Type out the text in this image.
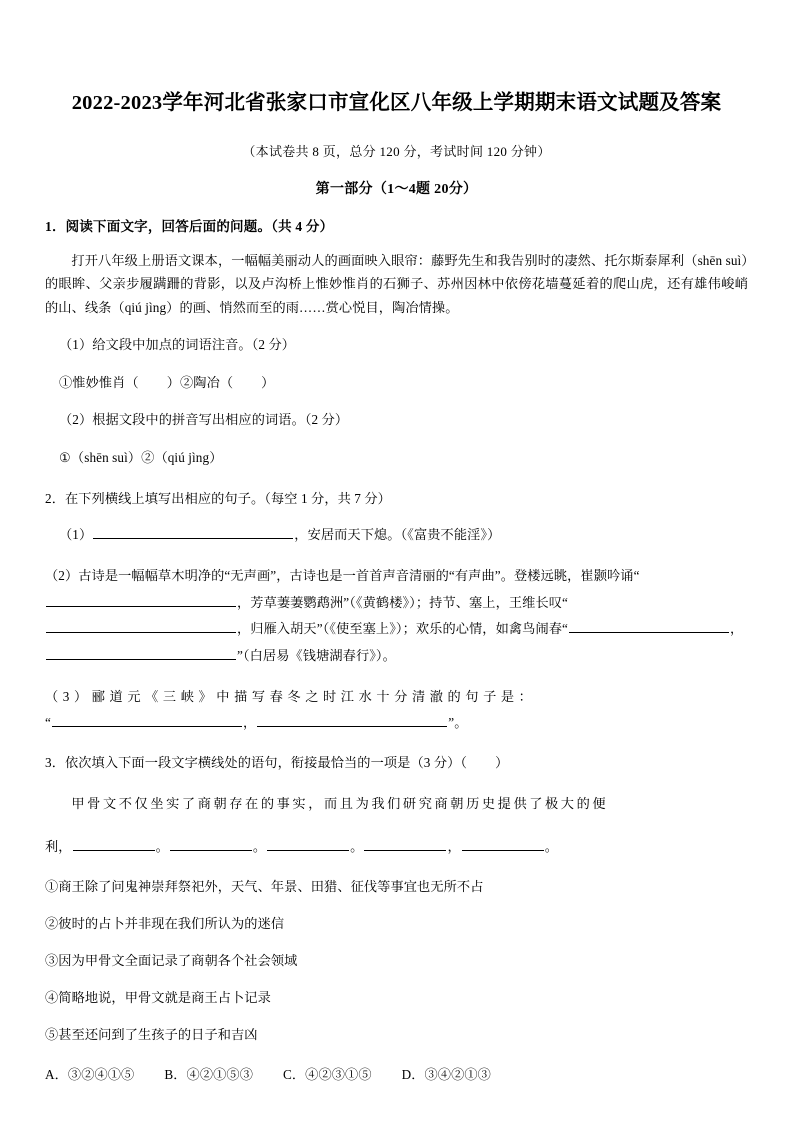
2022-2023学年河北省张家口市宣化区八年级上学期期末语文试题及答案

（本试卷共 8 页，总分 120 分，考试时间 120 分钟）

第一部分（1～4题 20分）

1．阅读下面文字，回答后面的问题。（共 4 分）

打开八年级上册语文课本，一幅幅美丽动人的画面映入眼帘：藤野先生和我告别时的凄然、托尔斯泰犀利（shēn suì）的眼眸、父亲步履蹒跚的背影，以及卢沟桥上惟妙惟肖的石狮子、苏州因林中依傍花墙蔓延着的爬山虎，还有雄伟峻峭的山、线条（qiú jìng）的画、悄然而至的雨……赏心悦目，陶冶情操。

（1）给文段中加点的词语注音。（2 分）

①惟妙惟肖（ ）②陶冶（ ）

（2）根据文段中的拼音写出相应的词语。（2 分）

①（shēn suì）②（qiú jìng）

2．在下列横线上填写出相应的句子。（每空 1 分，共 7 分）

（1）	，安居而天下熄。（《富贵不能淫》）

（2）古诗是一幅幅草木明净的“无声画”，古诗也是一首首声音清丽的“有声曲”。登楼远眺，崔颢吟诵“，芳草萋萋鹦鹉洲”（《黄鹤楼》）；持节、塞上，王维长叹“，归雁入胡天”（《使至塞上》）；欢乐的心情，如禽鸟闹春“	，”（白居易《钱塘湖春行》）。

（3）郦道元《三峡》中描写春冬之时江水十分清澈的句子是：
“	，	”。

3．依次填入下面一段文字横线处的语句，衔接最恰当的一项是（3 分）（ ）

甲骨文不仅坐实了商朝存在的事实，而且为我们研究商朝历史提供了极大的便

利，	。	。	。	，	。

①商王除了问鬼神崇拜祭祀外，天气、年景、田猎、征伐等事宜也无所不占

②彼时的占卜并非现在我们所认为的迷信

③因为甲骨文全面记录了商朝各个社会领域

④简略地说，甲骨文就是商王占卜记录

⑤甚至还问到了生孩子的日子和吉凶

A．③②④①⑤ B．④②①⑤③ C．④②③①⑤ D．③④②①③
